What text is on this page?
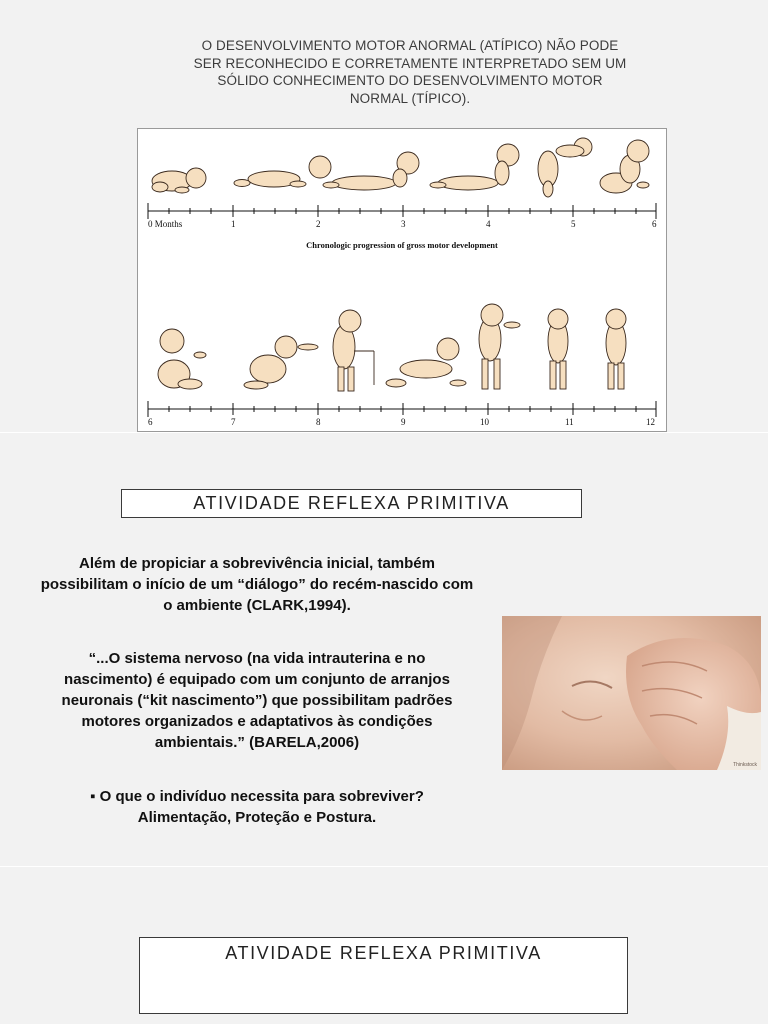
O DESENVOLVIMENTO MOTOR ANORMAL (ATÍPICO) NÃO PODE
SER RECONHECIDO E CORRETAMENTE INTERPRETADO SEM UM
SÓLIDO CONHECIMENTO DO DESENVOLVIMENTO MOTOR
NORMAL (TÍPICO).
0 Months	1	2	3	4	5	6
6	7	8	9	10	11	12
Chronologic progression of gross motor development
ATIVIDADE REFLEXA PRIMITIVA
Além de propiciar a sobrevivência inicial, também
possibilitam o início de um “diálogo” do recém-nascido com
o ambiente (CLARK,1994).
“...O sistema nervoso (na vida intrauterina e no
nascimento) é equipado com um conjunto de arranjos
neuronais (“kit nascimento”) que possibilitam padrões
motores organizados e adaptativos às condições
ambientais.” (BARELA,2006)
▪ O que o indivíduo necessita para sobreviver?
Alimentação, Proteção e Postura.
Thinkstock
ATIVIDADE REFLEXA PRIMITIVA
